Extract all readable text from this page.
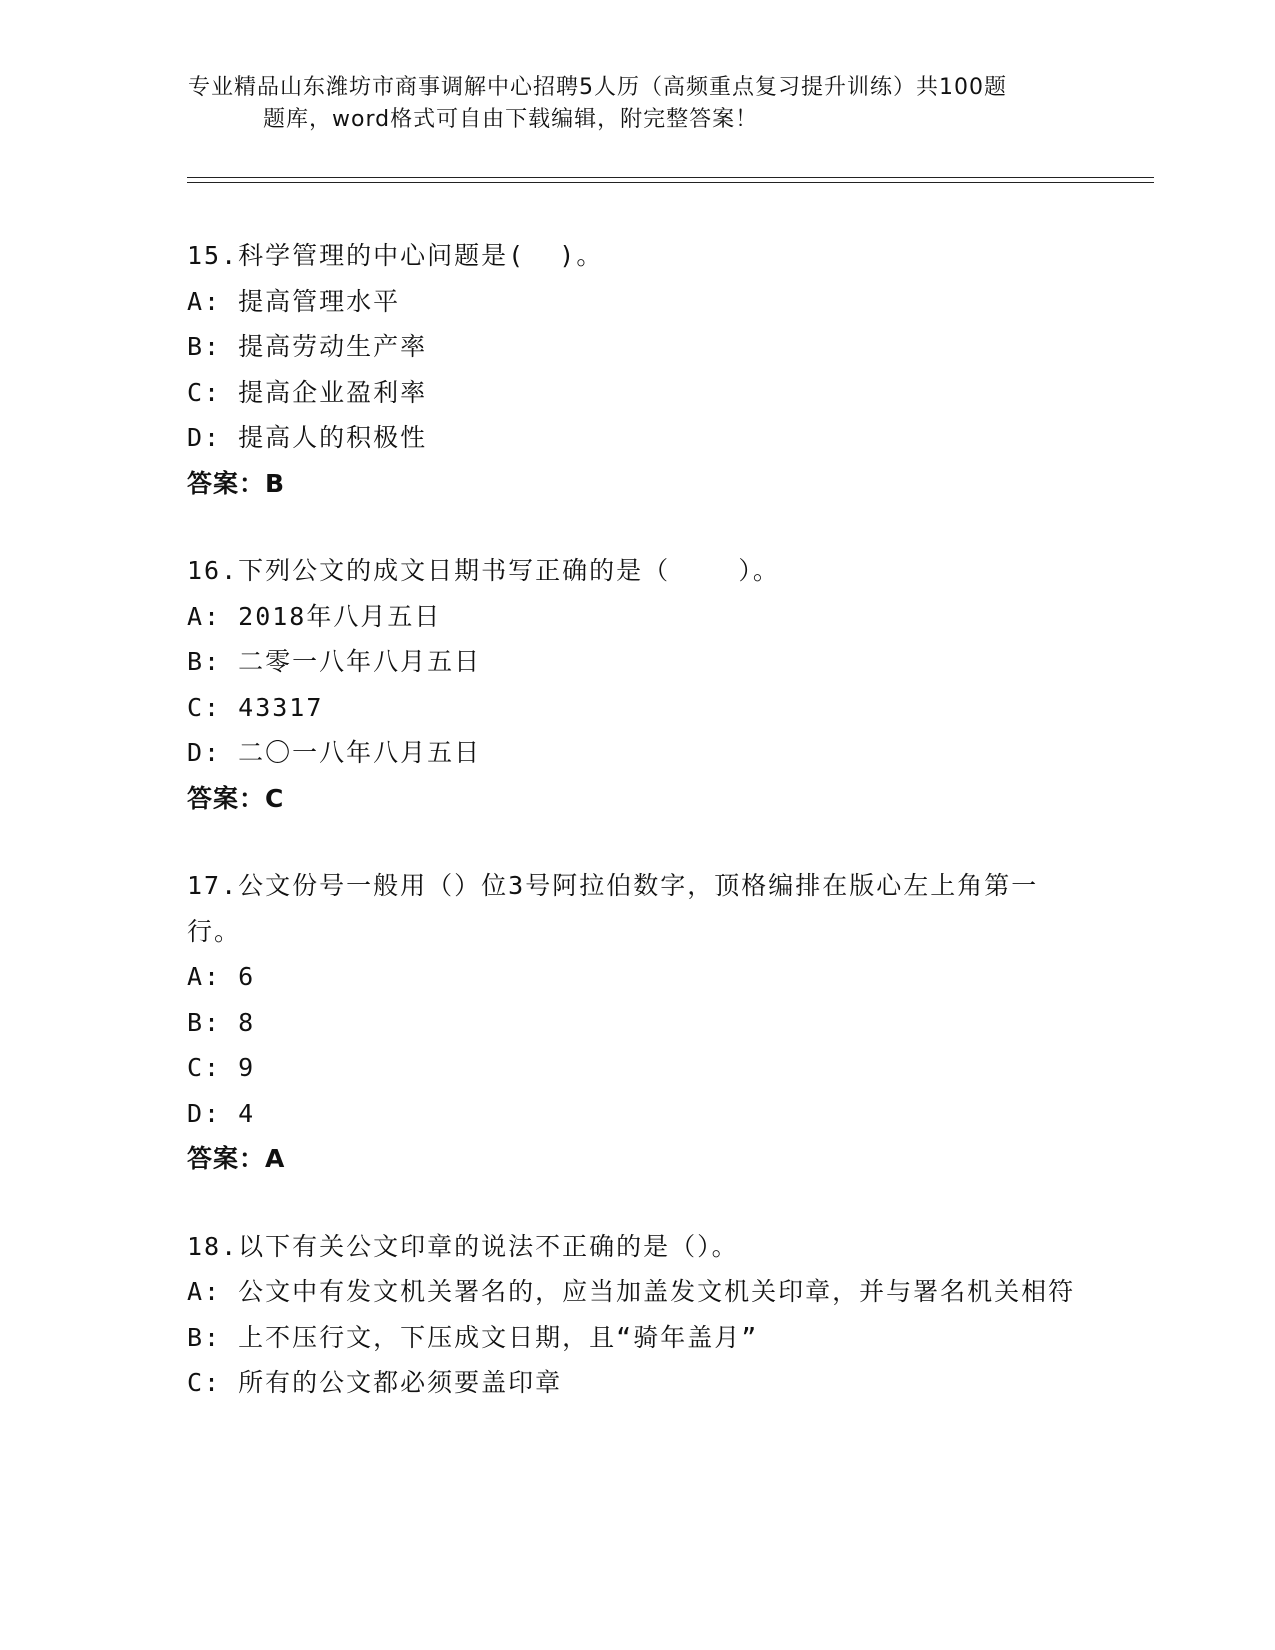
专业精品山东潍坊市商事调解中心招聘5人历（高频重点复习提升训练）共100题
题库，word格式可自由下载编辑，附完整答案！
15.科学管理的中心问题是(  )。
A: 提高管理水平
B: 提高劳动生产率
C: 提高企业盈利率
D: 提高人的积极性
答案：B
16.下列公文的成文日期书写正确的是（    ）。
A: 2018年八月五日
B: 二零一八年八月五日
C: 43317
D: 二〇一八年八月五日
答案：C
17.公文份号一般用（）位3号阿拉伯数字，顶格编排在版心左上角第一行。
A: 6
B: 8
C: 9
D: 4
答案：A
18.以下有关公文印章的说法不正确的是（）。
A: 公文中有发文机关署名的，应当加盖发文机关印章，并与署名机关相符
B: 上不压行文，下压成文日期，且“骑年盖月”
C: 所有的公文都必须要盖印章
